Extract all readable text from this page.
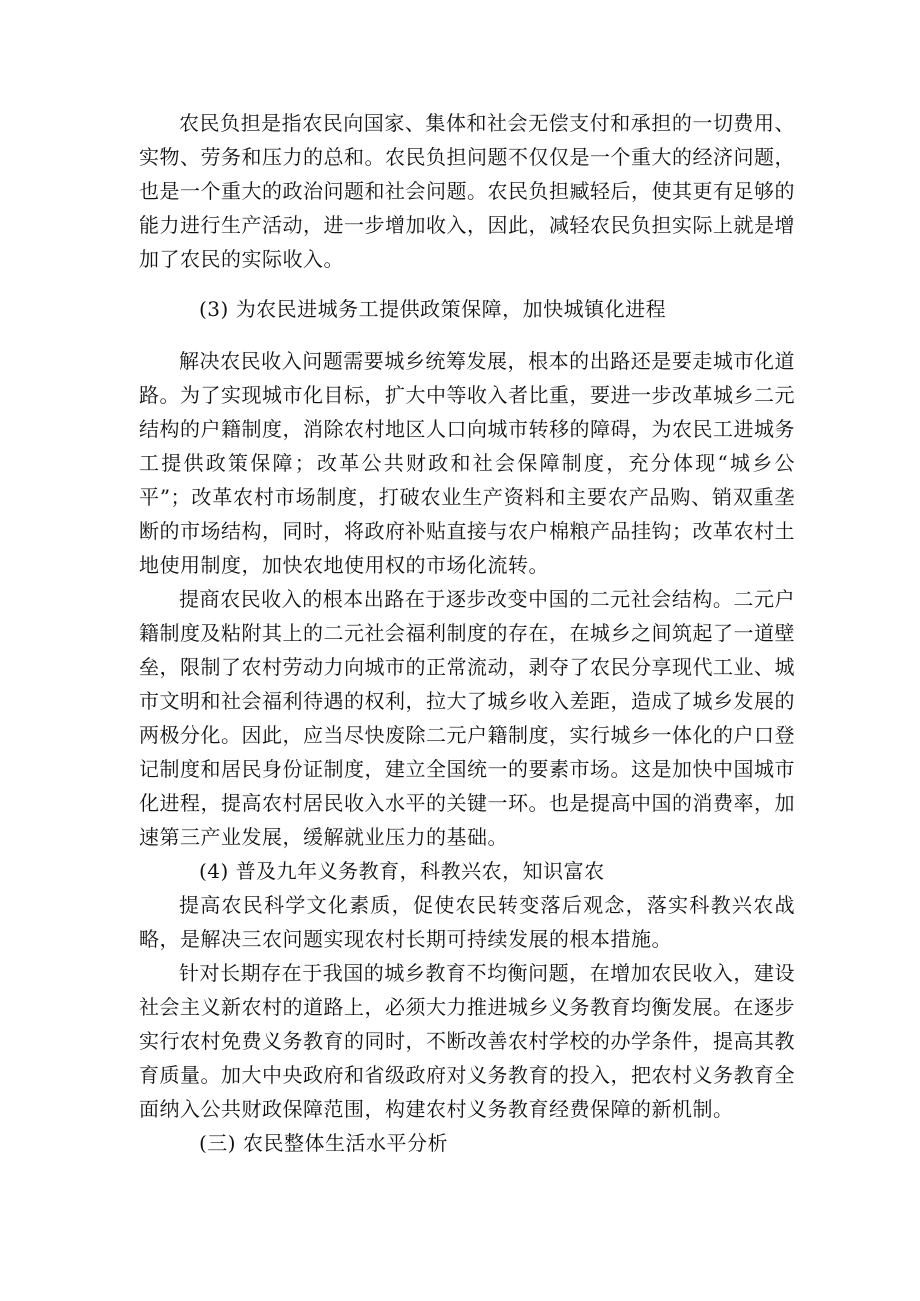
农民负担是指农民向国家、集体和社会无偿支付和承担的一切费用、实物、劳务和压力的总和。农民负担问题不仅仅是一个重大的经济问题，也是一个重大的政治问题和社会问题。农民负担臧轻后，使其更有足够的能力进行生产活动，进一步增加收入，因此，减轻农民负担实际上就是增加了农民的实际收入。

(3) 为农民进城务工提供政策保障，加快城镇化进程

解决农民收入问题需要城乡统筹发展，根本的出路还是要走城市化道路。为了实现城市化目标，扩大中等收入者比重，要进一步改革城乡二元结构的户籍制度，消除农村地区人口向城市转移的障碍，为农民工进城务工提供政策保障；改革公共财政和社会保障制度，充分体现“城乡公平”；改革农村市场制度，打破农业生产资料和主要农产品购、销双重垄断的市场结构，同时，将政府补贴直接与农户棉粮产品挂钩；改革农村土地使用制度，加快农地使用权的市场化流转。

提商农民收入的根本出路在于逐步改变中国的二元社会结构。二元户籍制度及粘附其上的二元社会福利制度的存在，在城乡之间筑起了一道壁垒，限制了农村劳动力向城市的正常流动，剥夺了农民分享现代工业、城市文明和社会福利待遇的权利，拉大了城乡收入差距，造成了城乡发展的两极分化。因此，应当尽快废除二元户籍制度，实行城乡一体化的户口登记制度和居民身份证制度，建立全国统一的要素市场。这是加快中国城市化进程，提高农村居民收入水平的关键一环。也是提高中国的消费率，加速第三产业发展，缓解就业压力的基础。

(4) 普及九年义务教育，科教兴农，知识富农

提高农民科学文化素质，促使农民转变落后观念，落实科教兴农战略，是解决三农问题实现农村长期可持续发展的根本措施。

针对长期存在于我国的城乡教育不均衡问题，在增加农民收入，建设社会主义新农村的道路上，必须大力推进城乡义务教育均衡发展。在逐步实行农村免费义务教育的同时，不断改善农村学校的办学条件，提高其教育质量。加大中央政府和省级政府对义务教育的投入，把农村义务教育全面纳入公共财政保障范围，构建农村义务教育经费保障的新机制。

(三) 农民整体生活水平分析
